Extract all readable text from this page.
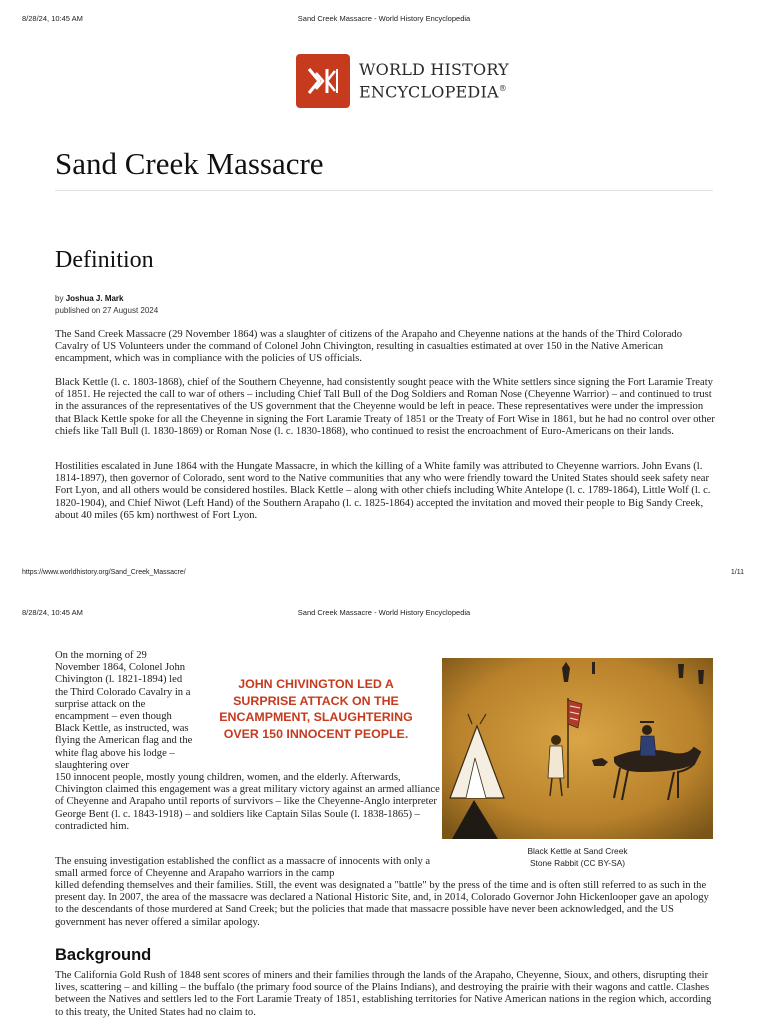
8/28/24, 10:45 AM	Sand Creek Massacre - World History Encyclopedia
WORLD HISTORY
ENCYCLOPEDIA®
Sand Creek Massacre
Definition
by Joshua J. Mark
published on 27 August 2024

The Sand Creek Massacre (29 November 1864) was a slaughter of citizens of the Arapaho and Cheyenne nations at the hands of the Third Colorado Cavalry of US Volunteers under the command of Colonel John Chivington, resulting in casualties estimated at over 150 in the Native American encampment, which was in compliance with the policies of US officials.

Black Kettle (l. c. 1803-1868), chief of the Southern Cheyenne, had consistently sought peace with the White settlers since signing the Fort Laramie Treaty of 1851. He rejected the call to war of others – including Chief Tall Bull of the Dog Soldiers and Roman Nose (Cheyenne Warrior) – and continued to trust in the assurances of the representatives of the US government that the Cheyenne would be left in peace. These representatives were under the impression that Black Kettle spoke for all the Cheyenne in signing the Fort Laramie Treaty of 1851 or the Treaty of Fort Wise in 1861, but he had no control over other chiefs like Tall Bull (l. 1830-1869) or Roman Nose (l. c. 1830-1868), who continued to resist the encroachment of Euro-Americans on their lands.

Hostilities escalated in June 1864 with the Hungate Massacre, in which the killing of a White family was attributed to Cheyenne warriors. John Evans (l. 1814-1897), then governor of Colorado, sent word to the Native communities that any who were friendly toward the United States should seek safety near Fort Lyon, and all others would be considered hostiles. Black Kettle – along with other chiefs including White Antelope (l. c. 1789-1864), Little Wolf (l. c. 1820-1904), and Chief Niwot (Left Hand) of the Southern Arapaho (l. c. 1825-1864) accepted the invitation and moved their people to Big Sandy Creek, about 40 miles (65 km) northwest of Fort Lyon.

https://www.worldhistory.org/Sand_Creek_Massacre/	1/11
8/28/24, 10:45 AM	Sand Creek Massacre - World History Encyclopedia

On the morning of 29 November 1864, Colonel John Chivington (l. 1821-1894) led the Third Colorado Cavalry in a surprise attack on the encampment – even though Black Kettle, as instructed, was flying the American flag and the white flag above his lodge – slaughtering over
150 innocent people, mostly young children, women, and the elderly. Afterwards, Chivington claimed this engagement was a great military victory against an armed alliance of Cheyenne and Arapaho until reports of survivors – like the Cheyenne-Anglo interpreter George Bent (l. c. 1843-1918) – and soldiers like Captain Silas Soule (l. 1838-1865) – contradicted him.

JOHN CHIVINGTON LED A SURPRISE ATTACK ON THE ENCAMPMENT, SLAUGHTERING OVER 150 INNOCENT PEOPLE.
Black Kettle at Sand Creek
Stone Rabbit (CC BY-SA)

The ensuing investigation established the conflict as a massacre of innocents with only a small armed force of Cheyenne and Arapaho warriors in the camp

killed defending themselves and their families. Still, the event was designated a "battle" by the press of the time and is often still referred to as such in the present day. In 2007, the area of the massacre was declared a National Historic Site, and, in 2014, Colorado Governor John Hickenlooper gave an apology to the descendants of those murdered at Sand Creek; but the policies that made that massacre possible have never been acknowledged, and the US government has never offered a similar apology.

Background

The California Gold Rush of 1848 sent scores of miners and their families through the lands of the Arapaho, Cheyenne, Sioux, and others, disrupting their lives, scattering – and killing – the buffalo (the primary food source of the Plains Indians), and destroying the prairie with their wagons and cattle. Clashes between the Natives and settlers led to the Fort Laramie Treaty of 1851, establishing territories for Native American nations in the region which, according to this treaty, the United States had no claim to.
